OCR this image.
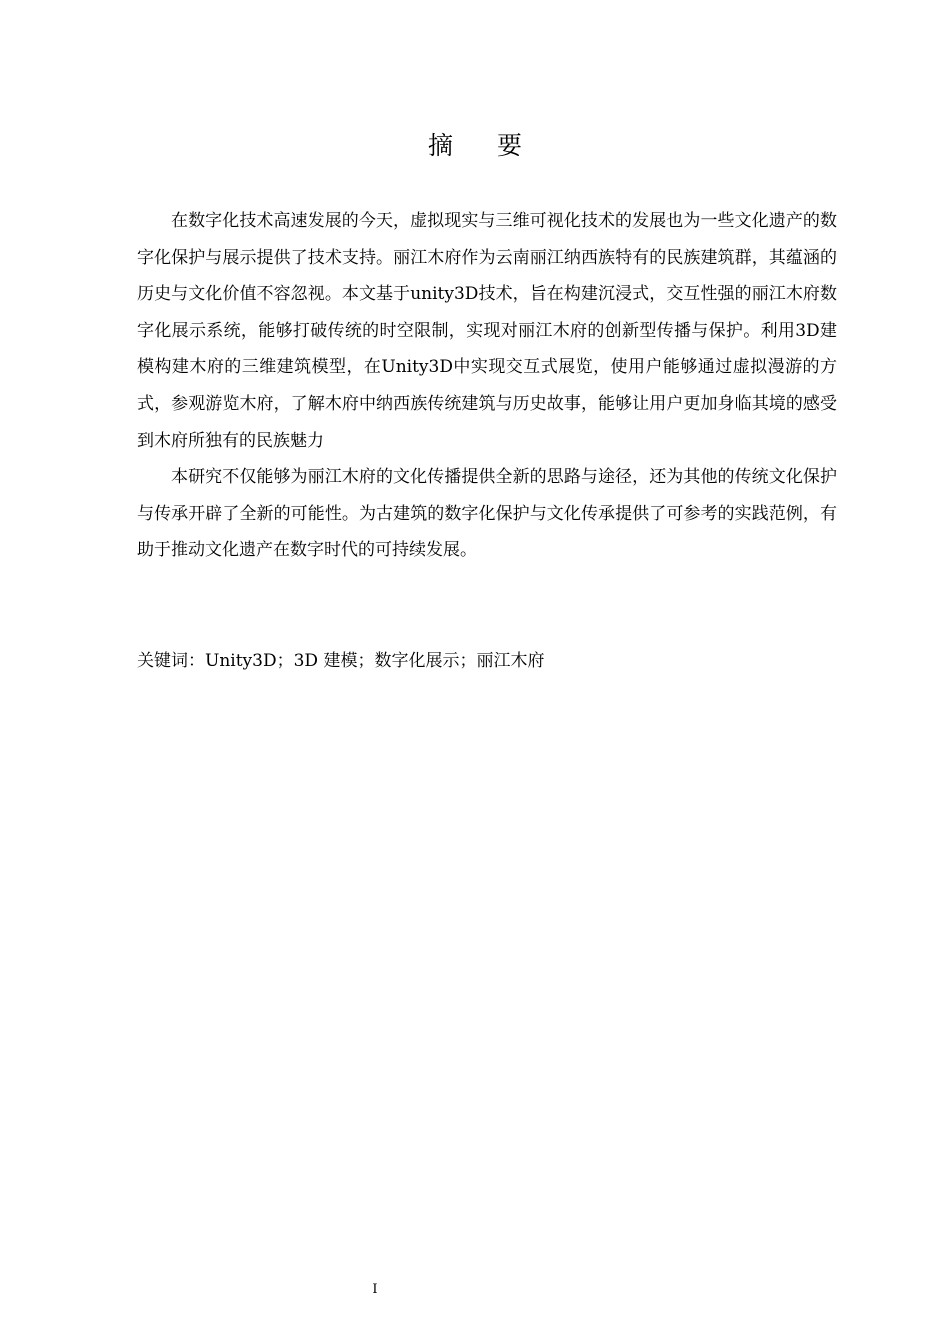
摘要

在数字化技术高速发展的今天，虚拟现实与三维可视化技术的发展也为一些文化遗产的数字化保护与展示提供了技术支持。丽江木府作为云南丽江纳西族特有的民族建筑群，其蕴涵的历史与文化价值不容忽视。本文基于unity3D技术，旨在构建沉浸式，交互性强的丽江木府数字化展示系统，能够打破传统的时空限制，实现对丽江木府的创新型传播与保护。利用3D建模构建木府的三维建筑模型，在Unity3D中实现交互式展览，使用户能够通过虚拟漫游的方式，参观游览木府，了解木府中纳西族传统建筑与历史故事，能够让用户更加身临其境的感受到木府所独有的民族魅力

本研究不仅能够为丽江木府的文化传播提供全新的思路与途径，还为其他的传统文化保护与传承开辟了全新的可能性。为古建筑的数字化保护与文化传承提供了可参考的实践范例，有助于推动文化遗产在数字时代的可持续发展。

关键词：Unity3D；3D 建模；数字化展示；丽江木府
I
